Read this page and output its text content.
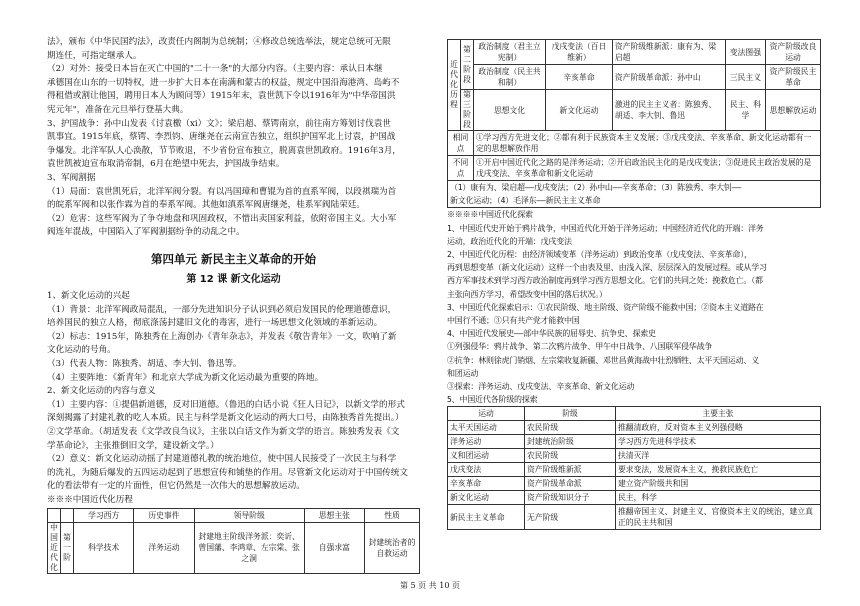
法》，颁布《中华民国约法》，改责任内阁制为总统制；④修改总统选举法，规定总统可无限

期连任，可指定继承人。

（2）对外：接受日本旨在灭亡中国的"二十一条"的大部分内容。（主要内容：承认日本继

承德国在山东的一切特权，进一步扩大日本在南满和蒙古的权益，规定中国沿海港湾、岛屿不

得租借或割让他国，聘用日本人为顾问等）1915年末，袁世凯下令以1916年为"中华帝国洪

宪元年"，准备在元旦举行登基大典。

3、护国战争：孙中山发表《讨袁檄（xi）文》；梁启超、蔡锷南京，前往南方筹划讨伐袁世

凯事宜。1915年底，蔡锷、李烈钧、唐继尧在云南宣告独立，组织护国军北上讨袁，护国战

争爆发。北洋军队人心涣散，节节败退，不少省份宣布独立，脱离袁世凯政府。1916年3月，

袁世凯被迫宣布取消帝制，6月在绝望中死去，护国战争结束。

3、军阀割据

（1）局面：袁世凯死后，北洋军阀分裂。有以冯国璋和曹锟为首的直系军阀，以段祺瑞为首

的皖系军阀和以张作霖为首的奉系军阀。其他如滇系军阀唐继尧，桂系军阀陆荣廷。

（2）危害：这些军阀为了争夺地盘和巩固政权，不惜出卖国家利益，依附帝国主义。大小军

阀连年混战，中国陷入了军阀割据纷争的动乱之中。

第四单元 新民主主义革命的开始
第 12 课 新文化运动

1、新文化运动的兴起

（1）背景：北洋军阀政局混乱，一部分先进知识分子认识到必须启发国民的伦理道德意识，

培养国民的独立人格，彻底涤荡封建旧文化的毒害，进行一场思想文化领域的革新运动。

（2）标志：1915年，陈独秀在上海创办《青年杂志》，并发表《敬告青年》一文，吹响了新

文化运动的号角。

（3）代表人物：陈独秀、胡适、李大钊、鲁迅等。

（4）主要阵地：《新青年》和北京大学成为新文化运动最为重要的阵地。

2、新文化运动的内容与意义

（1）主要内容：①提倡新道德，反对旧道德。（鲁迅的白话小说《狂人日记》，以新文学的形式

深刻揭露了封建礼教的吃人本质。民主与科学是新文化运动的两大口号，由陈独秀首先提出。）

②文学革命。（胡适发表《文学改良刍议》，主张以白话文作为新文学的语言。陈独秀发表《文

学革命论》，主张推倒旧文学，建设新文学。）

（2）意义：新文化运动动摇了封建道德礼教的统治地位，使中国人民接受了一次民主与科学

的洗礼，为随后爆发的五四运动起到了思想宣传和铺垫的作用。尽管新文化运动对于中国传统文

化的看法带有一定的片面性，但它仍然是一次伟大的思想解放运动。

※※※中国近代化历程

		学习西方	历史事件	领导阶级	思想主张	性质
中国近代化	第一阶	科学技术	洋务运动	封建地主阶级洋务派：奕䜣、曾国藩、李鸿章、左宗棠、张之洞	自强求富	封建统治者的自救运动
近代化历程	第二阶段	政治制度（君主立宪制）	戊戌变法（百日维新）	资产阶级维新派：康有为、梁启超	变法图强	资产阶级改良运动
		政治制度（民主共和制）	辛亥革命	资产阶级革命派：孙中山	三民主义	资产阶级民主革命
	第三阶段	思想文化	新文化运动	激进的民主主义者：陈独秀、胡适、李大钊、鲁迅	民主、科学	思想解放运动
相同点		①学习西方先进文化；②都有利于民族资本主义发展；③戊戌变法、辛亥革命、新文化运动都有一定的思想解放作用				
不同点		①开启中国近代化之路的是洋务运动；②开启政治民主化的是戊戌变法；③促进民主政治发展的是戊戌变法、辛亥革命和新文化运动				

（1）康有为、梁启超——戊戌变法；（2）孙中山——辛亥革命；（3）陈独秀、李大钊——

新文化运动；（4）毛泽东——新民主主义革命

※※※※中国近代化探索

1、中国近代史开始于鸦片战争，中国近代化开始于洋务运动；中国经济近代化的开端：洋务

运动，政治近代化的开端：戊戌变法

2、中国近代化历程：由经济领域变革（洋务运动）到政治变革（戊戌变法、辛亥革命），

再到思想变革（新文化运动）这样一个由表及里、由浅入深、层层深入的发展过程。或从学习

西方军事技术到学习西方政治制度再到学习西方思想文化。它们的共同之处：挽救危亡。（都

主张向西方学习，希望改变中国的落后状况。）

3、中国近代化探索启示：①农民阶级、地主阶级、资产阶级不能救中国；②资本主义道路在

中国行不通；③只有共产党才能救中国

4、中国近代发展史——部中华民族的屈辱史、抗争史、探索史

①列强侵华：鸦片战争、第二次鸦片战争、甲午中日战争、八国联军侵华战争

②抗争：林则徐虎门销烟、左宗棠收复新疆、邓世昌黄海战中壮烈牺牲、太平天国运动、义

和团运动

③探索：洋务运动、戊戌变法、辛亥革命、新文化运动

5、中国近代各阶级的探索

运动	阶级	主要主张
太平天国运动	农民阶级	推翻清政府，反对资本主义列强侵略
洋务运动	封建统治阶级	学习西方先进科学技术
义和团运动	农民阶级	扶清灭洋
戊戌变法	资产阶级维新派	要求变法，发展资本主义，挽救民族危亡
辛亥革命	资产阶级革命派	建立资产阶级共和国
新文化运动	资产阶级知识分子	民主，科学
新民主主义革命	无产阶级	推翻帝国主义、封建主义、官僚资本主义的统治，建立真正的民主共和国
第 5 页 共 10 页
